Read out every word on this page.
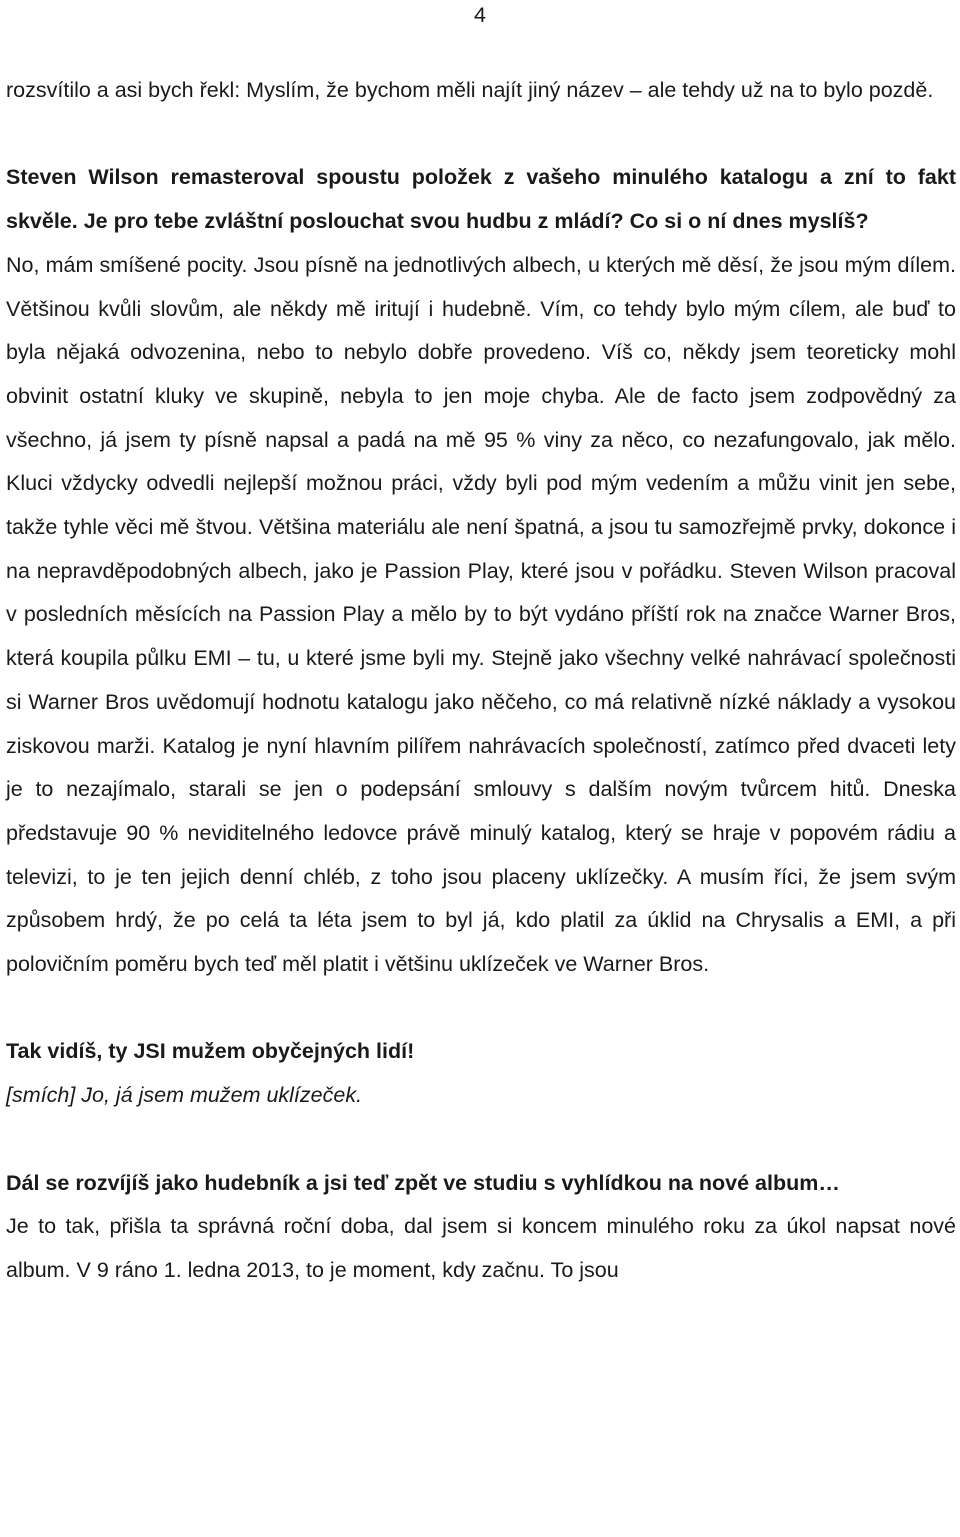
4

rozsvítilo a asi bych řekl: Myslím, že bychom měli najít jiný název – ale tehdy už na to bylo pozdě.

Steven Wilson remasteroval spoustu položek z vašeho minulého katalogu a zní to fakt skvěle. Je pro tebe zvláštní poslouchat svou hudbu z mládí? Co si o ní dnes myslíš?

No, mám smíšené pocity. Jsou písně na jednotlivých albech, u kterých mě děsí, že jsou mým dílem. Většinou kvůli slovům, ale někdy mě iritují i hudebně. Vím, co tehdy bylo mým cílem, ale buď to byla nějaká odvozenina, nebo to nebylo dobře provedeno. Víš co, někdy jsem teoreticky mohl obvinit ostatní kluky ve skupině, nebyla to jen moje chyba. Ale de facto jsem zodpovědný za všechno, já jsem ty písně napsal a padá na mě 95 % viny za něco, co nezafungovalo, jak mělo. Kluci vždycky odvedli nejlepší možnou práci, vždy byli pod mým vedením a můžu vinit jen sebe, takže tyhle věci mě štvou. Většina materiálu ale není špatná, a jsou tu samozřejmě prvky, dokonce i na nepravděpodobných albech, jako je Passion Play, které jsou v pořádku. Steven Wilson pracoval v posledních měsících na Passion Play a mělo by to být vydáno příští rok na značce Warner Bros, která koupila půlku EMI – tu, u které jsme byli my. Stejně jako všechny velké nahrávací společnosti si Warner Bros uvědomují hodnotu katalogu jako něčeho, co má relativně nízké náklady a vysokou ziskovou marži. Katalog je nyní hlavním pilířem nahrávacích společností, zatímco před dvaceti lety je to nezajímalo, starali se jen o podepsání smlouvy s dalším novým tvůrcem hitů. Dneska představuje 90 % neviditelného ledovce právě minulý katalog, který se hraje v popovém rádiu a televizi, to je ten jejich denní chléb, z toho jsou placeny uklízečky. A musím říci, že jsem svým způsobem hrdý, že po celá ta léta jsem to byl já, kdo platil za úklid na Chrysalis a EMI, a při polovičním poměru bych teď měl platit i většinu uklízeček ve Warner Bros.

Tak vidíš, ty JSI mužem obyčejných lidí!

[smích] Jo, já jsem mužem uklízeček.

Dál se rozvíjíš jako hudebník a jsi teď zpět ve studiu s vyhlídkou na nové album…

Je to tak, přišla ta správná roční doba, dal jsem si koncem minulého roku za úkol napsat nové album. V 9 ráno 1. ledna 2013, to je moment, kdy začnu. To jsou
